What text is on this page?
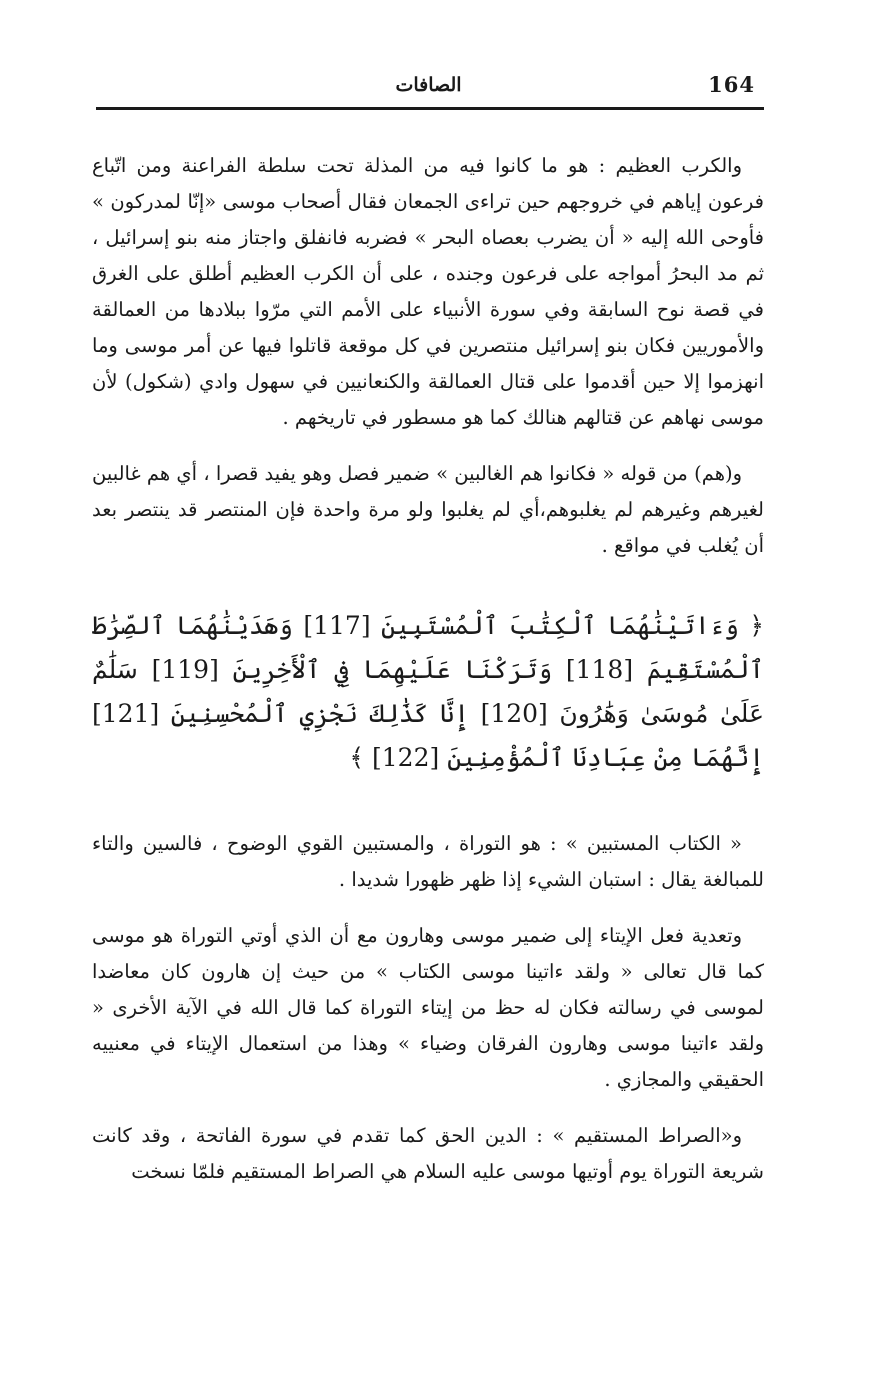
164
الصافات

والكرب العظيم : هو ما كانوا فيه من المذلة تحت سلطة الفراعنة ومن اتّباع فرعون إياهم في خروجهم حين تراءى الجمعان فقال أصحاب موسى «إنّا لمدركون » فأوحى الله إليه « أن يضرب بعصاه البحر » فضربه فانفلق واجتاز منه بنو إسرائيل ، ثم مد البحرُ أمواجه على فرعون وجنده ، على أن الكرب العظيم أطلق على الغرق في قصة نوح السابقة وفي سورة الأنبياء على الأمم التي مرّوا ببلادها من العمالقة والأموريين فكان بنو إسرائيل منتصرين في كل موقعة قاتلوا فيها عن أمر موسى وما انهزموا إلا حين أقدموا على قتال العمالقة والكنعانيين في سهول وادي (شكول) لأن موسى نهاهم عن قتالهم هنالك كما هو مسطور في تاريخهم .

و(هم) من قوله « فكانوا هم الغالبين » ضمير فصل وهو يفيد قصرا ، أي هم غالبين لغيرهم وغيرهم لم يغلبوهم،أي لم يغلبوا ولو مرة واحدة فإن المنتصر قد ينتصر بعد أن يُغلب في مواقع .

﴿ وَءَاتَيْنَٰهُمَا ٱلْكِتَٰبَ ٱلْمُسْتَبِينَ [117] وَهَدَيْنَٰهُمَا ٱلصِّرَٰطَ ٱلْمُسْتَقِيمَ [118] وَتَرَكْنَا عَلَيْهِمَا فِي ٱلْأَخِرِينَ [119] سَلَٰمٌ عَلَىٰ مُوسَىٰ وَهَٰرُونَ [120] إِنَّا كَذَٰلِكَ نَجْزِي ٱلْمُحْسِنِينَ [121] إِنَّهُمَا مِنْ عِبَادِنَا ٱلْمُؤْمِنِينَ [122] ﴾

« الكتاب المستبين » : هو التوراة ، والمستبين القوي الوضوح ، فالسين والتاء للمبالغة يقال : استبان الشيء إذا ظهر ظهورا شديدا .

وتعدية فعل الإيتاء إلى ضمير موسى وهارون مع أن الذي أوتي التوراة هو موسى كما قال تعالى « ولقد ءاتينا موسى الكتاب » من حيث إن هارون كان معاضدا لموسى في رسالته فكان له حظ من إيتاء التوراة كما قال الله في الآية الأخرى « ولقد ءاتينا موسى وهارون الفرقان وضياء » وهذا من استعمال الإيتاء في معنييه الحقيقي والمجازي .

و«الصراط المستقيم » : الدين الحق كما تقدم في سورة الفاتحة ، وقد كانت شريعة التوراة يوم أوتيها موسى عليه السلام هي الصراط المستقيم فلمّا نسخت
